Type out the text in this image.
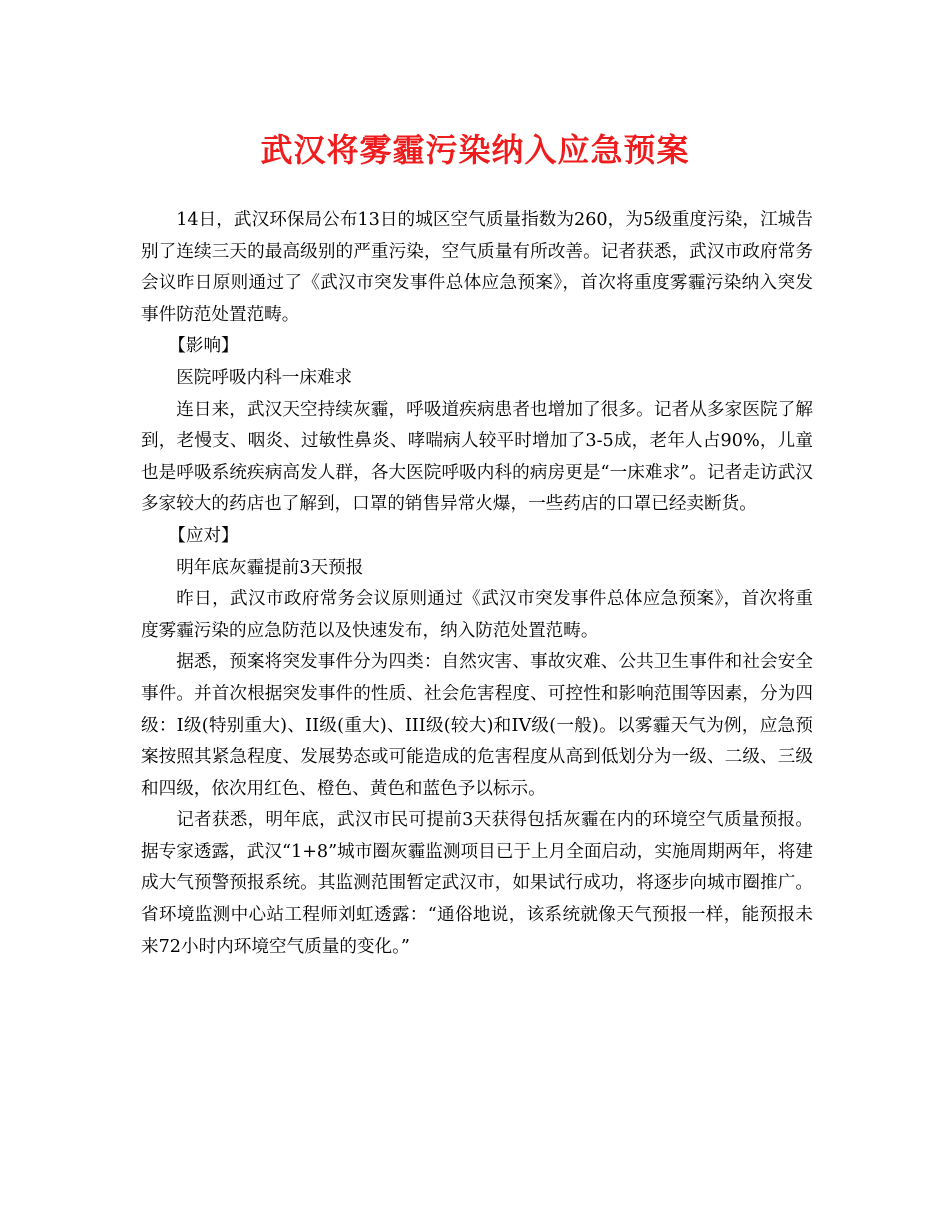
武汉将雾霾污染纳入应急预案

14日，武汉环保局公布13日的城区空气质量指数为260，为5级重度污染，江城告别了连续三天的最高级别的严重污染，空气质量有所改善。记者获悉，武汉市政府常务会议昨日原则通过了《武汉市突发事件总体应急预案》，首次将重度雾霾污染纳入突发事件防范处置范畴。

【影响】

医院呼吸内科一床难求

连日来，武汉天空持续灰霾，呼吸道疾病患者也增加了很多。记者从多家医院了解到，老慢支、咽炎、过敏性鼻炎、哮喘病人较平时增加了3-5成，老年人占90%，儿童也是呼吸系统疾病高发人群，各大医院呼吸内科的病房更是“一床难求”。记者走访武汉多家较大的药店也了解到，口罩的销售异常火爆，一些药店的口罩已经卖断货。

【应对】

明年底灰霾提前3天预报

昨日，武汉市政府常务会议原则通过《武汉市突发事件总体应急预案》，首次将重度雾霾污染的应急防范以及快速发布，纳入防范处置范畴。

据悉，预案将突发事件分为四类：自然灾害、事故灾难、公共卫生事件和社会安全事件。并首次根据突发事件的性质、社会危害程度、可控性和影响范围等因素，分为四级：I级(特别重大)、II级(重大)、III级(较大)和IV级(一般)。以雾霾天气为例，应急预案按照其紧急程度、发展势态或可能造成的危害程度从高到低划分为一级、二级、三级和四级，依次用红色、橙色、黄色和蓝色予以标示。

记者获悉，明年底，武汉市民可提前3天获得包括灰霾在内的环境空气质量预报。据专家透露，武汉“1+8”城市圈灰霾监测项目已于上月全面启动，实施周期两年，将建成大气预警预报系统。其监测范围暂定武汉市，如果试行成功，将逐步向城市圈推广。省环境监测中心站工程师刘虹透露：“通俗地说，该系统就像天气预报一样，能预报未来72小时内环境空气质量的变化。”
